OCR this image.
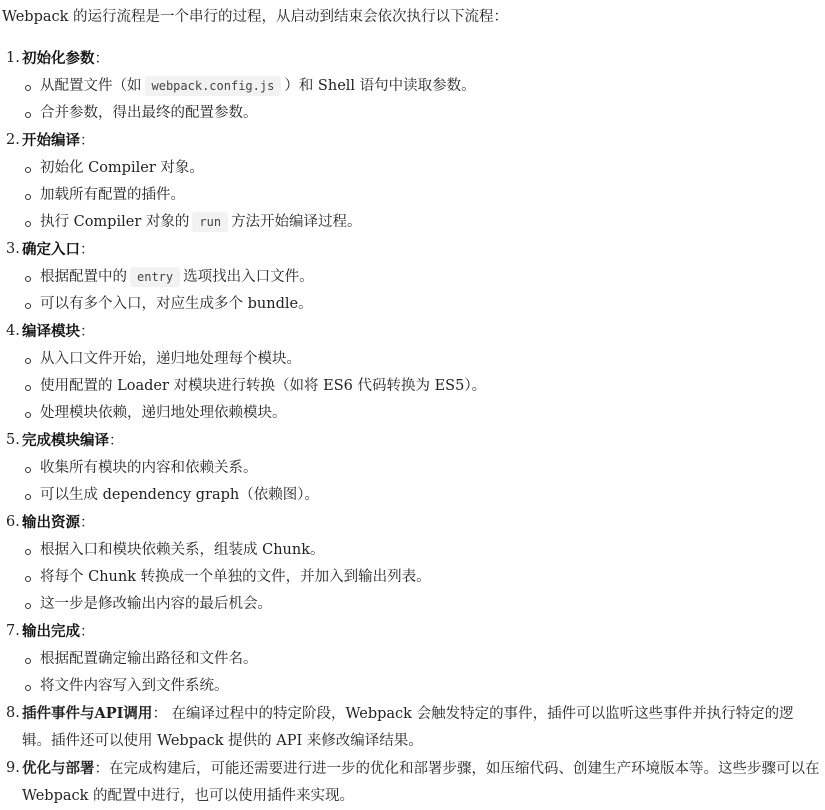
Webpack 的运行流程是一个串行的过程，从启动到结束会依次执行以下流程：

1. 初始化参数：
从配置文件（如 webpack.config.js ）和 Shell 语句中读取参数。
合并参数，得出最终的配置参数。
2. 开始编译：
初始化 Compiler 对象。
加载所有配置的插件。
执行 Compiler 对象的 run 方法开始编译过程。
3. 确定入口：
根据配置中的 entry 选项找出入口文件。
可以有多个入口，对应生成多个 bundle。
4. 编译模块：
从入口文件开始，递归地处理每个模块。
使用配置的 Loader 对模块进行转换（如将 ES6 代码转换为 ES5）。
处理模块依赖，递归地处理依赖模块。
5. 完成模块编译：
收集所有模块的内容和依赖关系。
可以生成 dependency graph（依赖图）。
6. 输出资源：
根据入口和模块依赖关系，组装成 Chunk。
将每个 Chunk 转换成一个单独的文件，并加入到输出列表。
这一步是修改输出内容的最后机会。
7. 输出完成：
根据配置确定输出路径和文件名。
将文件内容写入到文件系统。
8. 插件事件与API调用： 在编译过程中的特定阶段，Webpack 会触发特定的事件，插件可以监听这些事件并执行特定的逻辑。插件还可以使用 Webpack 提供的 API 来修改编译结果。
9. 优化与部署：在完成构建后，可能还需要进行进一步的优化和部署步骤，如压缩代码、创建生产环境版本等。这些步骤可以在 Webpack 的配置中进行，也可以使用插件来实现。
